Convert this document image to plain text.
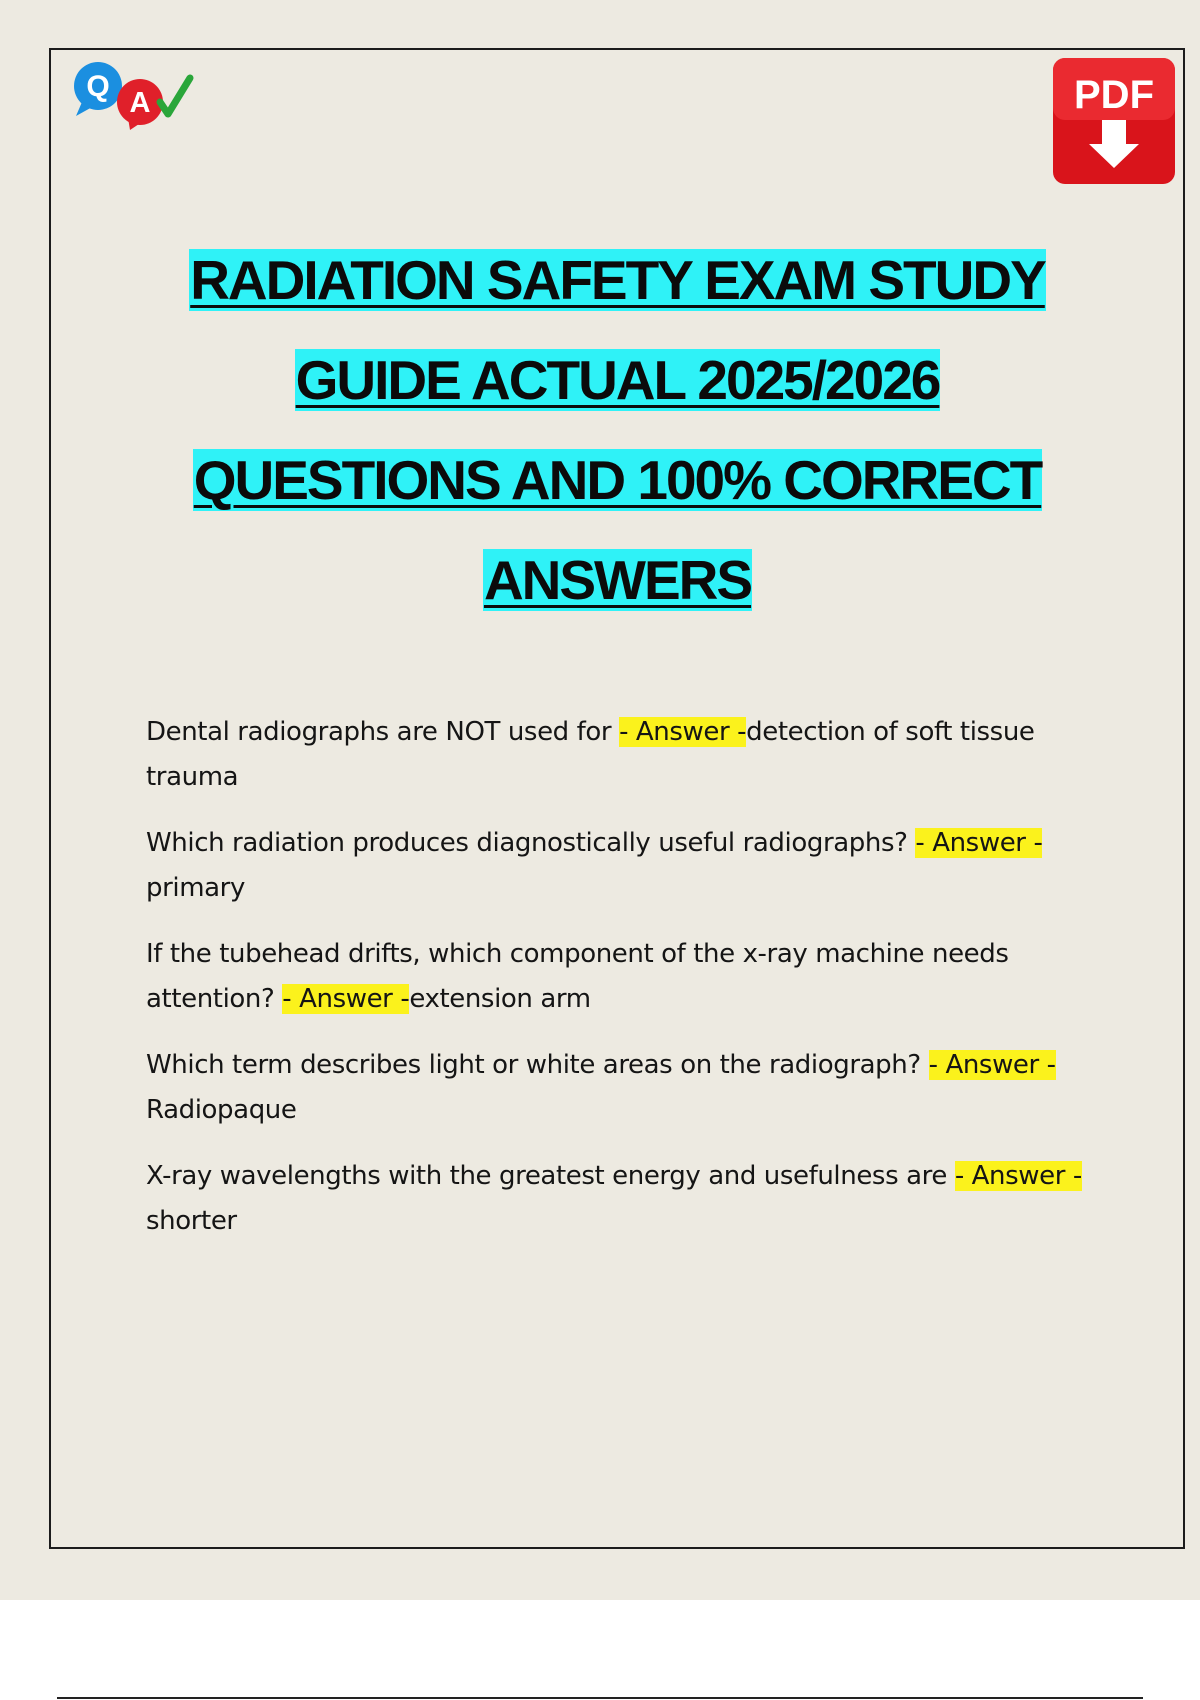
Q A	PDF
RADIATION SAFETY EXAM STUDY
GUIDE ACTUAL 2025/2026
QUESTIONS AND 100% CORRECT
ANSWERS
Dental radiographs are NOT used for - Answer -detection of soft tissue trauma
Which radiation produces diagnostically useful radiographs? - Answer - primary
If the tubehead drifts, which component of the x-ray machine needs attention? - Answer -extension arm
Which term describes light or white areas on the radiograph? - Answer - Radiopaque
X-ray wavelengths with the greatest energy and usefulness are - Answer -shorter
